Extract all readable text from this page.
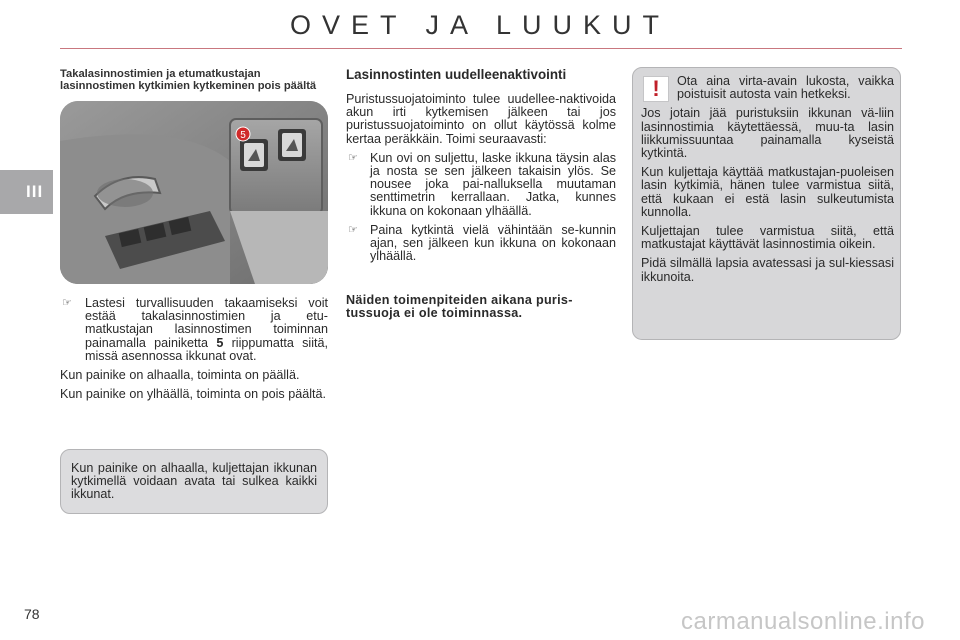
OVET JA LUUKUT
III
78
Takalasinnostimien ja etumatkustajan lasinnostimen kytkimien kytkeminen pois päältä
5
☞ Lastesi turvallisuuden takaamiseksi voit estää takalasinnostimien ja etu-matkustajan lasinnostimen toiminnan painamalla painiketta 5 riippumatta siitä, missä asennossa ikkunat ovat.

Kun painike on alhaalla, toiminta on päällä.

Kun painike on ylhäällä, toiminta on pois päältä.

Kun painike on alhaalla, kuljettajan ikkunan kytkimellä voidaan avata tai sulkea kaikki ikkunat.
Lasinnostinten uudelleenaktivointi

Puristussuojatoiminto tulee uudellee-naktivoida akun irti kytkemisen jälkeen tai jos puristussuojatoiminto on ollut käytössä kolme kertaa peräkkäin. Toimi seuraavasti:

☞ Kun ovi on suljettu, laske ikkuna täysin alas ja nosta se sen jälkeen takaisin ylös. Se nousee joka pai-nalluksella muutaman senttimetrin kerrallaan. Jatka, kunnes ikkuna on kokonaan ylhäällä.
☞ Paina kytkintä vielä vähintään se-kunnin ajan, sen jälkeen kun ikkuna on kokonaan ylhäällä.
Näiden toimenpiteiden aikana puris-tussuoja ei ole toiminnassa.
!	Ota aina virta-avain lukosta, vaikka poistuisit autosta vain hetkeksi.

Jos jotain jää puristuksiin ikkunan vä-liin lasinnostimia käytettäessä, muu-ta lasin liikkumissuuntaa painamalla kyseistä kytkintä.

Kun kuljettaja käyttää matkustajan-puoleisen lasin kytkimiä, hänen tulee varmistua siitä, että kukaan ei estä lasin sulkeutumista kunnolla.

Kuljettajan tulee varmistua siitä, että matkustajat käyttävät lasinnostimia oikein.

Pidä silmällä lapsia avatessasi ja sul-kiessasi ikkunoita.

carmanualsonline.info
